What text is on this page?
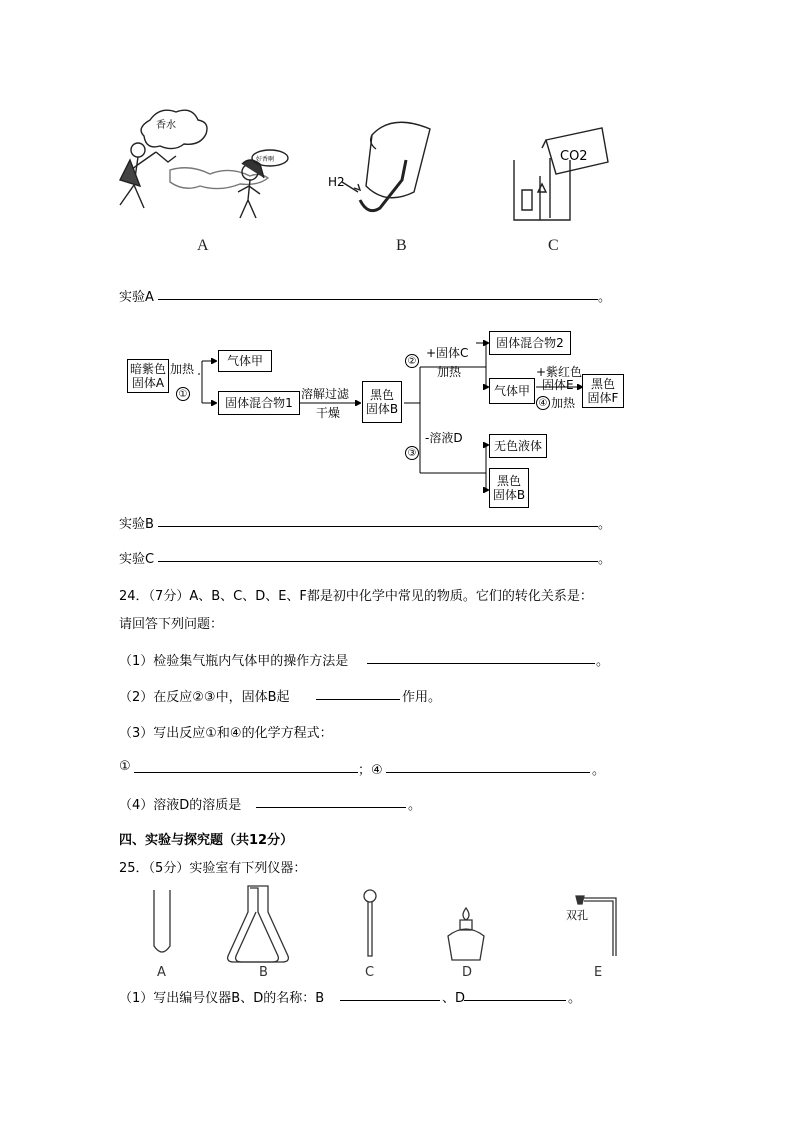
香水
好香啊
H2
CO2
A	B	C
实验A	。
暗紫色
固体A
加热
①
气体甲
固体混合物1
溶解过滤
干燥
黑色
固体B
②
+固体C
加热
固体混合物2
气体甲
+紫红色
固体E
④ 加热
黑色
固体F
-溶液D
③
无色液体
黑色
固体B
实验B	。
实验C	。
24．（7分）A、B、C、D、E、F都是初中化学中常见的物质。它们的转化关系是：
请回答下列问题：
（1）检验集气瓶内气体甲的操作方法是	。
（2）在反应②③中，固体B起	作用。
（3）写出反应①和④的化学方程式：
①	；④	。
（4）溶液D的溶质是	。
四、实验与探究题（共12分）
25．（5分）实验室有下列仪器：
A	B	C	D	E
双孔
（1）写出编号仪器B、D的名称：B	、D	。
